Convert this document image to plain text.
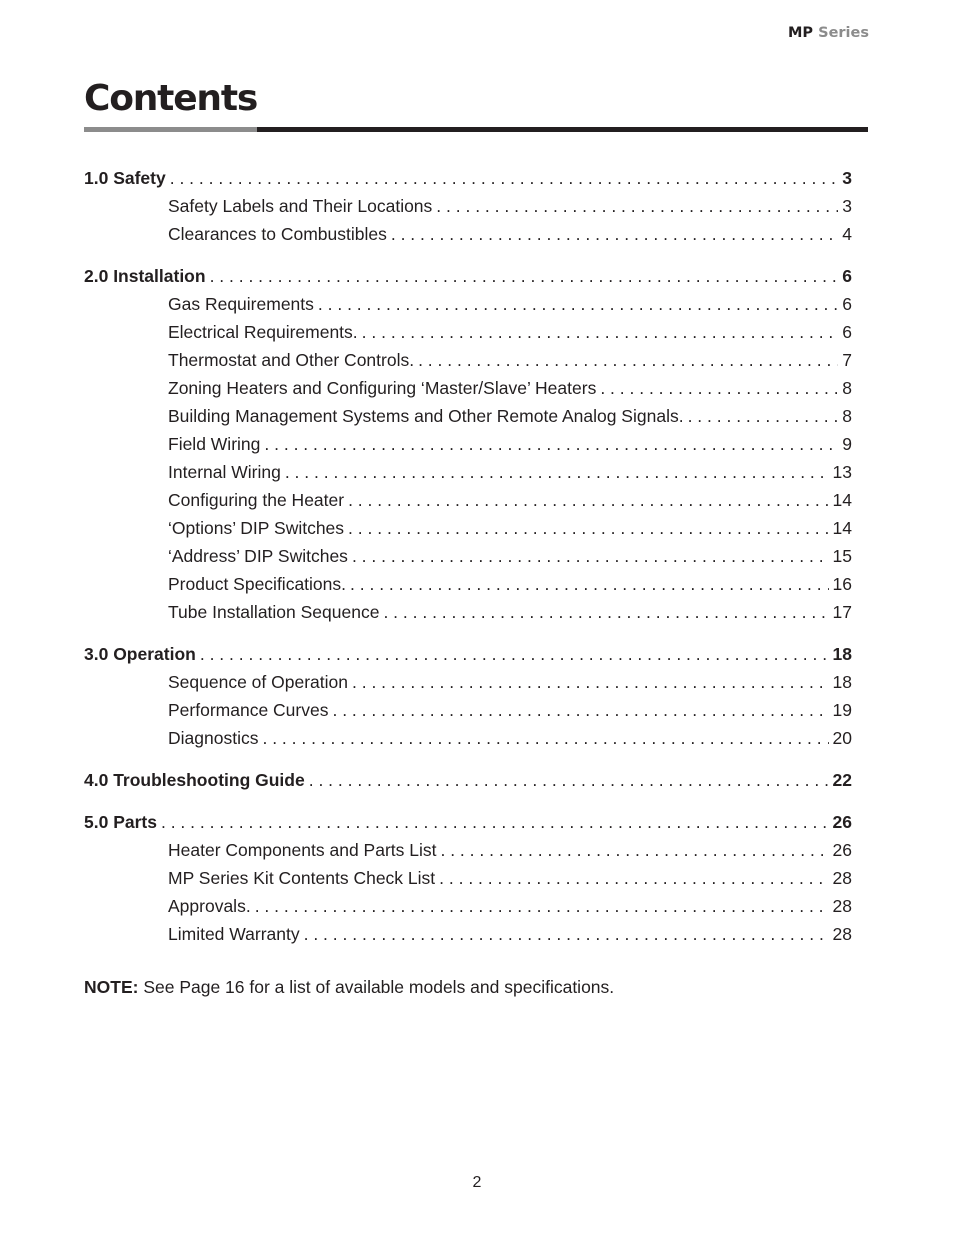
MP Series
Contents
1.0 Safety . . .	3
Safety Labels and Their Locations . . .	3
Clearances to Combustibles . . .	4
2.0 Installation . . .	6
Gas Requirements . . .	6
Electrical Requirements. . . .	6
Thermostat and Other Controls. . . .	7
Zoning Heaters and Configuring ‘Master/Slave’ Heaters . . .	8
Building Management Systems and Other Remote Analog Signals. . . .	8
Field Wiring . . .	9
Internal Wiring . . .	13
Configuring the Heater . . .	14
‘Options’ DIP Switches . . .	14
‘Address’ DIP Switches . . .	15
Product Specifications. . . .	16
Tube Installation Sequence . . .	17
3.0 Operation . . .	18
Sequence of Operation . . .	18
Performance Curves . . .	19
Diagnostics . . .	20
4.0 Troubleshooting Guide . . .	22
5.0 Parts . . .	26
Heater Components and Parts List . . .	26
MP Series Kit Contents Check List . . .	28
Approvals. . . .	28
Limited Warranty . . .	28
NOTE: See Page 16 for a list of available models and specifications.
2
